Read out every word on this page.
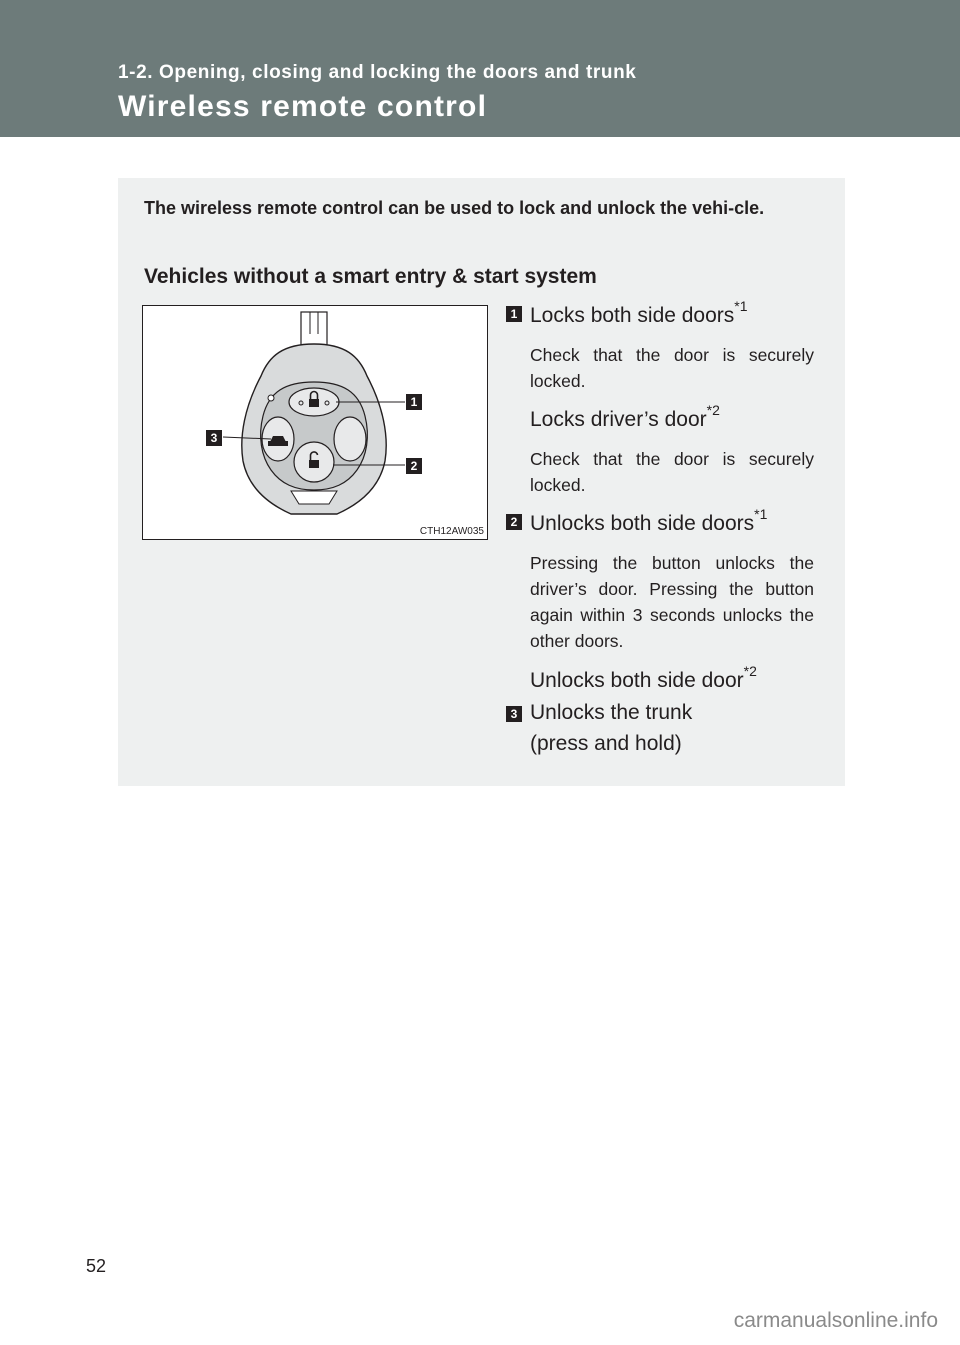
1-2. Opening, closing and locking the doors and trunk
Wireless remote control
The wireless remote control can be used to lock and unlock the vehi-cle.
Vehicles without a smart entry & start system
1
2
3
CTH12AW035
1 Locks both side doors$^{*1}$
Check that the door is securely locked.
Locks driver’s door$^{*2}$
Check that the door is securely locked.
2 Unlocks both side doors$^{*1}$
Pressing the button unlocks the driver’s door. Pressing the button again within 3 seconds unlocks the other doors.
Unlocks both side door$^{*2}$
3 Unlocks the trunk
(press and hold)
52
carmanualsonline.info
